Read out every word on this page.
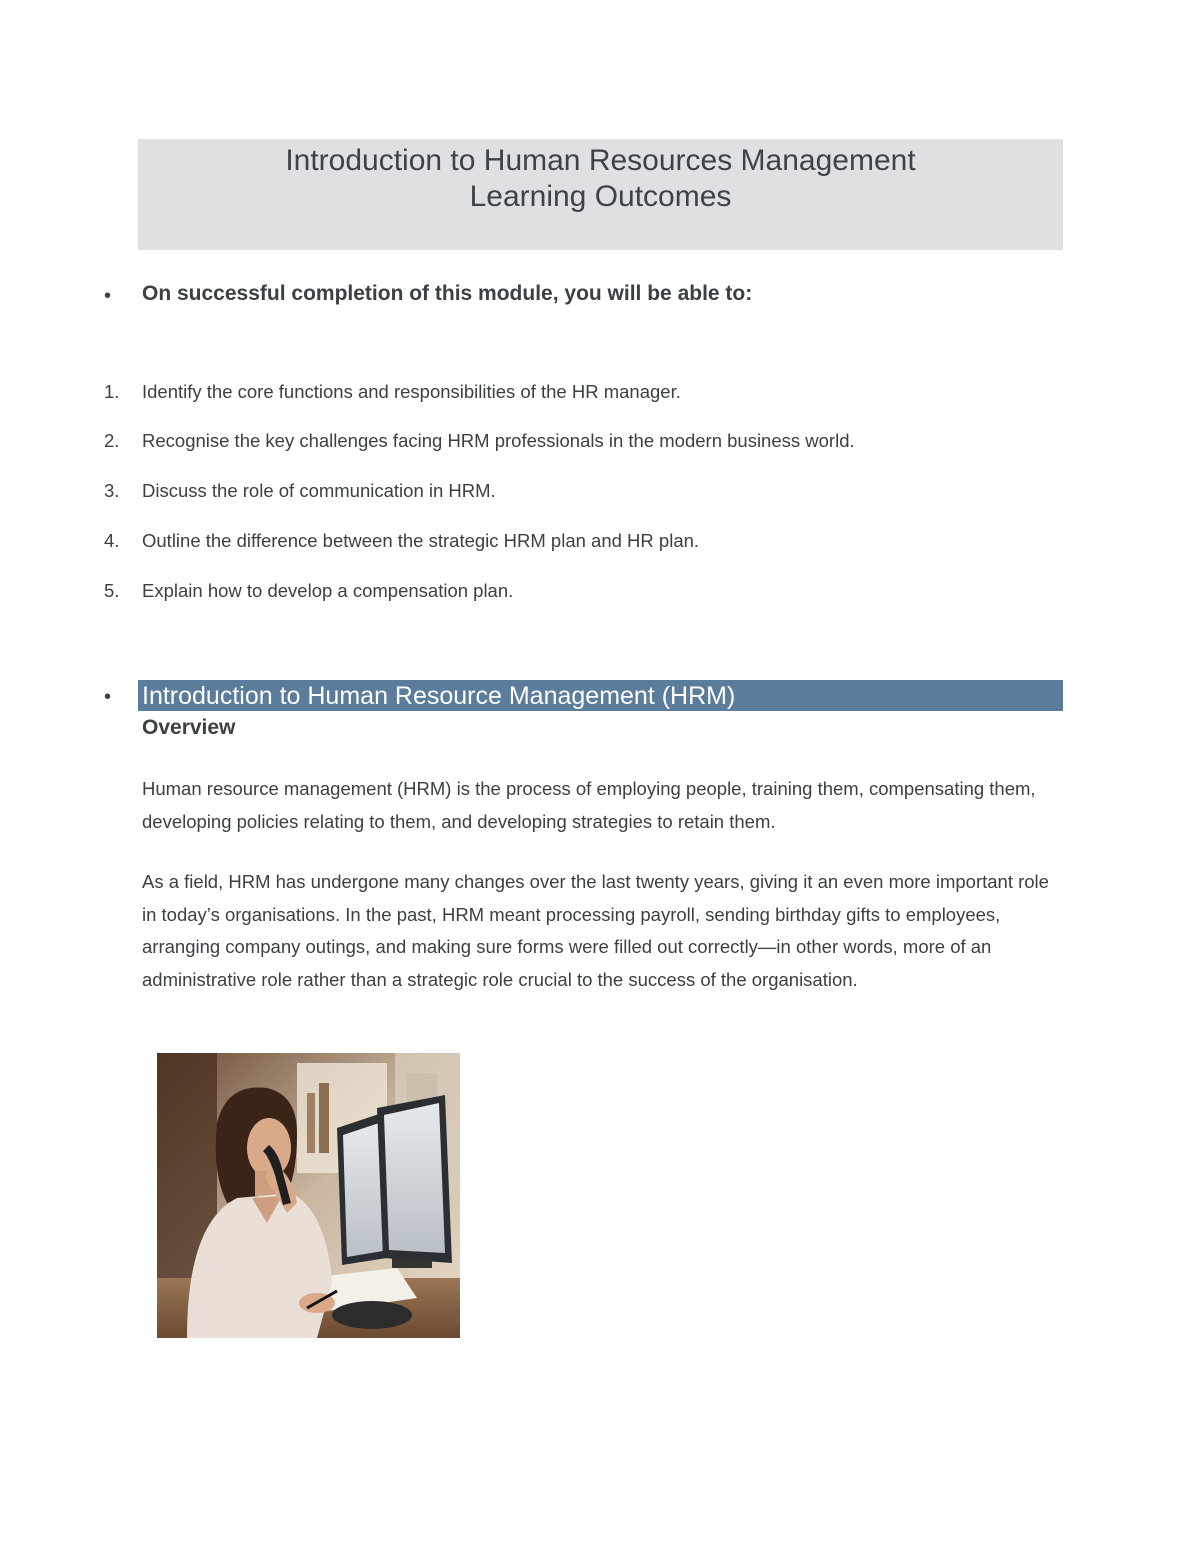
Introduction to Human Resources Management
Learning Outcomes
• On successful completion of this module, you will be able to:
1. Identify the core functions and responsibilities of the HR manager.
2. Recognise the key challenges facing HRM professionals in the modern business world.
3. Discuss the role of communication in HRM.
4. Outline the difference between the strategic HRM plan and HR plan.
5. Explain how to develop a compensation plan.
• Introduction to Human Resource Management (HRM)
Overview
Human resource management (HRM) is the process of employing people, training them, compensating them, developing policies relating to them, and developing strategies to retain them.
As a field, HRM has undergone many changes over the last twenty years, giving it an even more important role in today’s organisations. In the past, HRM meant processing payroll, sending birthday gifts to employees, arranging company outings, and making sure forms were filled out correctly—in other words, more of an administrative role rather than a strategic role crucial to the success of the organisation.
